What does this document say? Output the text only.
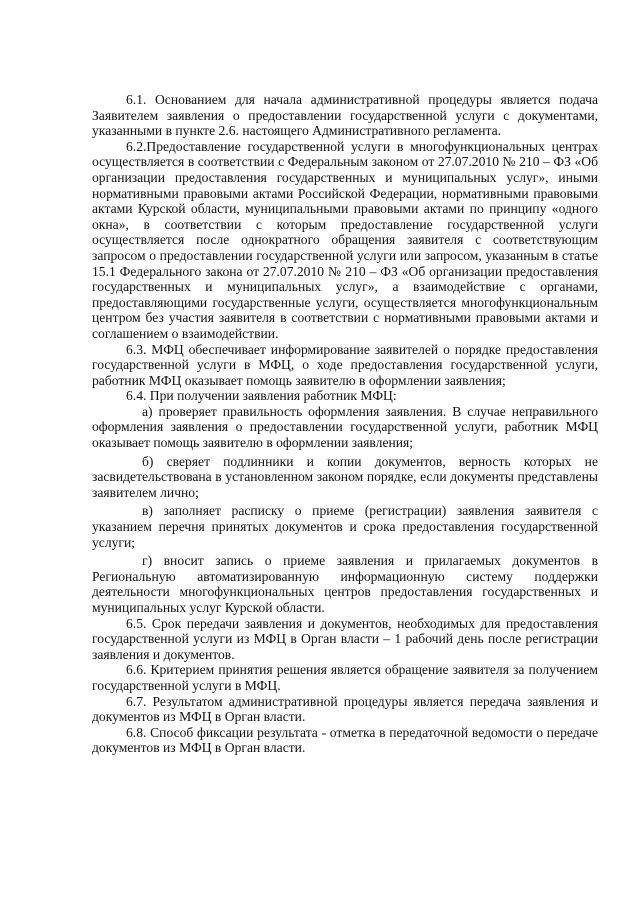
6.1. Основанием для начала административной процедуры является подача Заявителем заявления о предоставлении государственной услуги с документами, указанными в пункте 2.6. настоящего Административного регламента.

6.2.Предоставление государственной услуги в многофункциональных центрах осуществляется в соответствии с Федеральным законом от 27.07.2010 № 210 – ФЗ «Об организации предоставления государственных и муниципальных услуг», иными нормативными правовыми актами Российской Федерации, нормативными правовыми актами Курской области, муниципальными правовыми актами по принципу «одного окна», в соответствии с которым предоставление государственной услуги осуществляется после однократного обращения заявителя с соответствующим запросом о предоставлении государственной услуги или запросом, указанным в статье 15.1 Федерального закона от 27.07.2010 № 210 – ФЗ «Об организации предоставления государственных и муниципальных услуг», а взаимодействие с органами, предоставляющими государственные услуги, осуществляется многофункциональным центром без участия заявителя в соответствии с нормативными правовыми актами и соглашением о взаимодействии.

6.3. МФЦ обеспечивает информирование заявителей о порядке предоставления государственной услуги в МФЦ, о ходе предоставления государственной услуги, работник МФЦ оказывает помощь заявителю в оформлении заявления;

6.4. При получении заявления работник МФЦ:

а) проверяет правильность оформления заявления. В случае неправильного оформления заявления о предоставлении государственной услуги, работник МФЦ оказывает помощь заявителю в оформлении заявления;

б) сверяет подлинники и копии документов, верность которых не засвидетельствована в установленном законом порядке, если документы представлены заявителем лично;

в) заполняет расписку о приеме (регистрации) заявления заявителя с указанием перечня принятых документов и срока предоставления государственной услуги;

г) вносит запись о приеме заявления и прилагаемых документов в Региональную автоматизированную информационную систему поддержки деятельности многофункциональных центров предоставления государственных и муниципальных услуг Курской области.

6.5. Срок передачи заявления и документов, необходимых для предоставления государственной услуги из МФЦ в Орган власти – 1 рабочий день после регистрации заявления и документов.

6.6. Критерием принятия решения является обращение заявителя за получением государственной услуги в МФЦ.

6.7. Результатом административной процедуры является передача заявления и документов из МФЦ в Орган власти.

6.8. Способ фиксации результата - отметка в передаточной ведомости о передаче документов из МФЦ в Орган власти.
